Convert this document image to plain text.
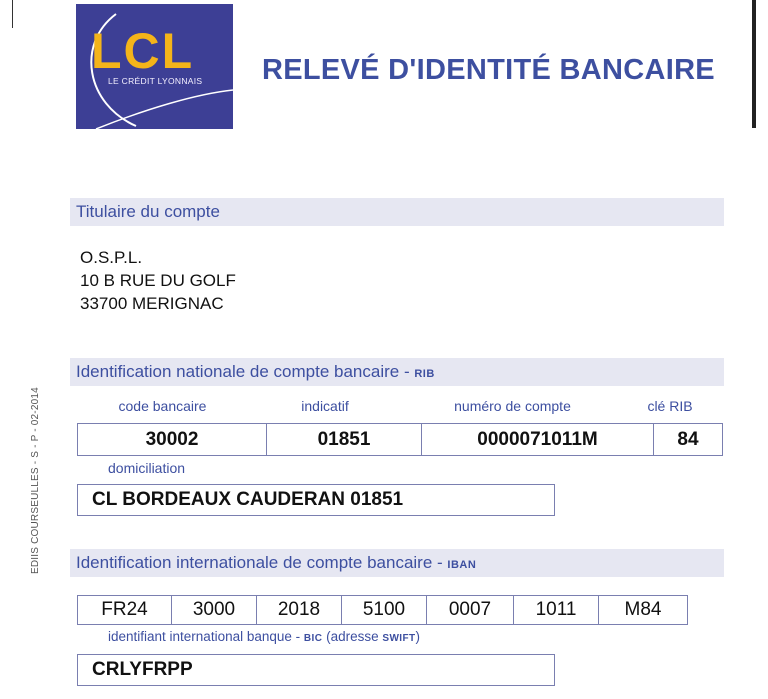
LCL
LE CRÉDIT LYONNAIS RELEVÉ D'IDENTITÉ BANCAIRE
Titulaire du compte
O.S.P.L.
10 B RUE DU GOLF
33700 MERIGNAC
Identification nationale de compte bancaire - RIB
code bancaire	indicatif	numéro de compte	clé RIB
30002	01851	0000071011M	84
domiciliation
CL BORDEAUX CAUDERAN 01851
Identification internationale de compte bancaire - IBAN
FR24	3000	2018	5100	0007	1011	M84
identifiant international banque - BIC (adresse SWIFT)
CRLYFRPP
EDIIS COURSEULLES - S - P - 02-2014
